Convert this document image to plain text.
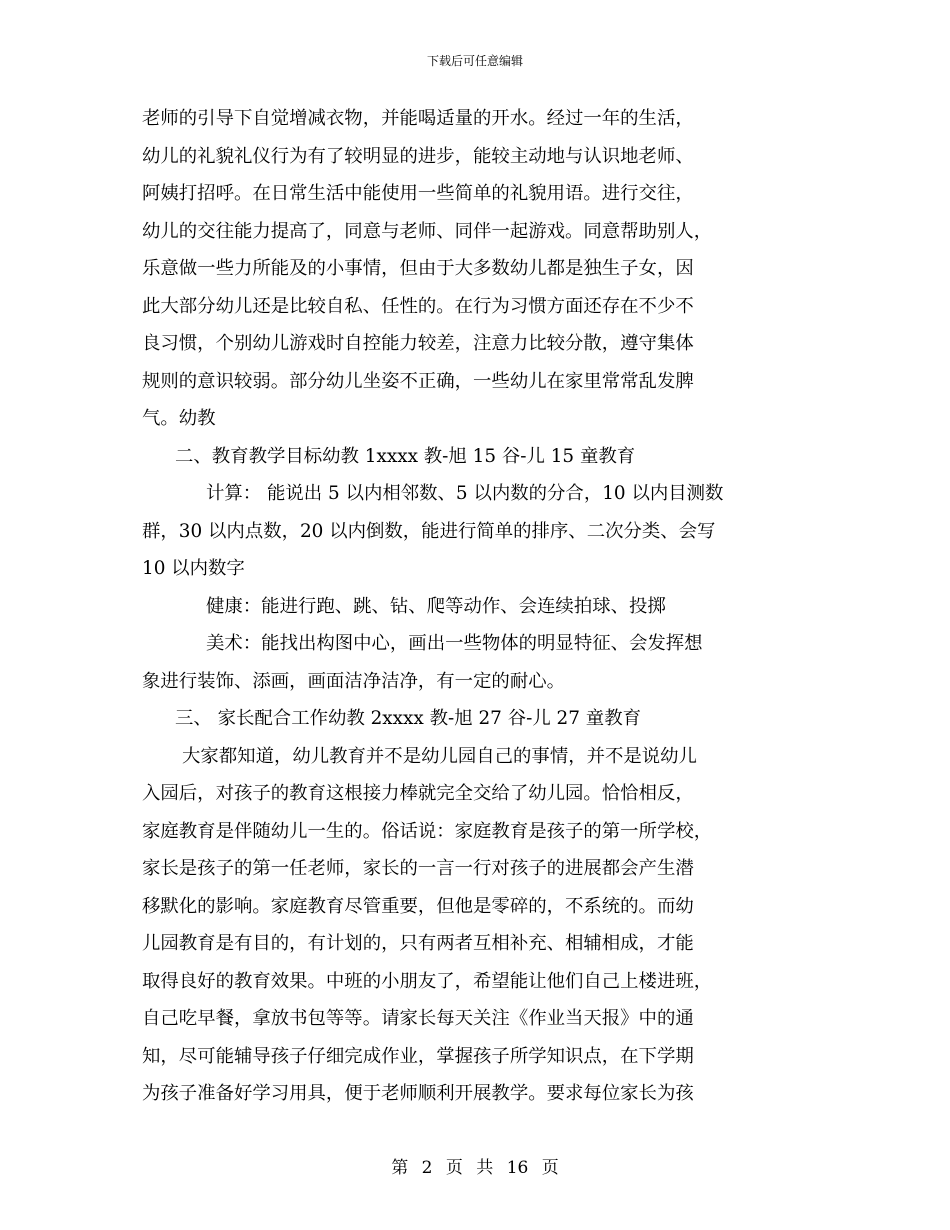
下载后可任意编辑
老师的引导下自觉增减衣物，并能喝适量的开水。经过一年的生活，
幼儿的礼貌礼仪行为有了较明显的进步，能较主动地与认识地老师、
阿姨打招呼。在日常生活中能使用一些简单的礼貌用语。进行交往，
幼儿的交往能力提高了，同意与老师、同伴一起游戏。同意帮助别人，
乐意做一些力所能及的小事情，但由于大多数幼儿都是独生子女，因
此大部分幼儿还是比较自私、任性的。在行为习惯方面还存在不少不
良习惯，个别幼儿游戏时自控能力较差，注意力比较分散，遵守集体
规则的意识较弱。部分幼儿坐姿不正确，一些幼儿在家里常常乱发脾
气。幼教
二、教育教学目标幼教 1xxxx 教-旭 15 谷-儿 15 童教育
计算： 能说出 5 以内相邻数、5 以内数的分合，10 以内目测数
群，30 以内点数，20 以内倒数，能进行简单的排序、二次分类、会写
10 以内数字
健康：能进行跑、跳、钻、爬等动作、会连续拍球、投掷
美术：能找出构图中心，画出一些物体的明显特征、会发挥想
象进行装饰、添画，画面洁净洁净，有一定的耐心。
三、 家长配合工作幼教 2xxxx 教-旭 27 谷-儿 27 童教育
大家都知道，幼儿教育并不是幼儿园自己的事情，并不是说幼儿
入园后，对孩子的教育这根接力棒就完全交给了幼儿园。恰恰相反，
家庭教育是伴随幼儿一生的。俗话说：家庭教育是孩子的第一所学校，
家长是孩子的第一任老师，家长的一言一行对孩子的进展都会产生潜
移默化的影响。家庭教育尽管重要，但他是零碎的，不系统的。而幼
儿园教育是有目的，有计划的，只有两者互相补充、相辅相成，才能
取得良好的教育效果。中班的小朋友了，希望能让他们自己上楼进班，
自己吃早餐，拿放书包等等。请家长每天关注《作业当天报》中的通
知，尽可能辅导孩子仔细完成作业，掌握孩子所学知识点，在下学期
为孩子准备好学习用具，便于老师顺利开展教学。要求每位家长为孩
第 2 页 共 16 页
